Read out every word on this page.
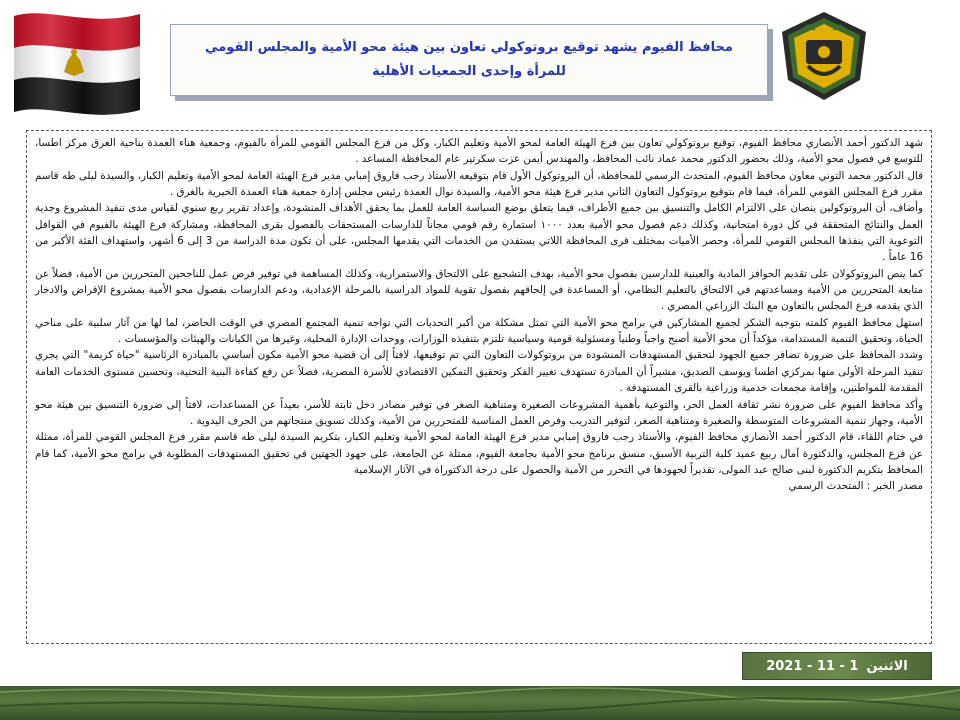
محافظ الفيوم يشهد توقيع بروتوكولي تعاون بين هيئة محو الأمية والمجلس القومي للمرأة وإحدى الجمعيات الأهلية

شهد الدكتور أحمد الأنصاري محافظ الفيوم، توقيع بروتوكولي تعاون بين فرع الهيئة العامة لمحو الأمية وتعليم الكبار، وكل من فرع المجلس القومي للمرأة بالفيوم، وجمعية هناء العمدة بناحية الغرق مركز اطسا، للتوسع في فصول محو الأمية، وذلك بحضور الدكتور محمد عماد نائب المحافظ، والمهندس أيمن عزت سكرتير عام المحافظة المساعد .

قال الدكتور محمد التوني معاون محافظ الفيوم، المتحدث الرسمي للمحافظة، أن البروتوكول الأول قام بتوقيعه الأستاذ رجب فاروق إمبابي مدير فرع الهيئة العامة لمحو الأمية وتعليم الكبار، والسيدة ليلى طه قاسم مقرر فرع المجلس القومي للمرأة، فيما قام بتوقيع بروتوكول التعاون الثاني مدير فرع هيئة محو الأمية، والسيدة نوال العمدة رئيس مجلس إدارة جمعية هناء العمدة الخيرية بالغرق .

وأضاف، أن البروتوكولين ينصان على الالتزام الكامل والتنسيق بين جميع الأطراف، فيما يتعلق بوضع السياسة العامة للعمل بما يحقق الأهداف المنشودة، وإعداد تقرير ربع سنوي لقياس مدى تنفيذ المشروع وجدية العمل والنتائج المتحققة في كل دورة امتحانية، وكذلك دعم فصول محو الأمية بعدد ١٠٠٠ استمارة رقم قومي مجاناً للدارسات المستحقات بالفصول بقرى المحافظة، ومشاركة فرع الهيئة بالفيوم في القوافل التوعوية التي ينفذها المجلس القومي للمرأة، وحصر الأميات بمختلف قرى المحافظة اللاتي يستفدن من الخدمات التي يقدمها المجلس، على أن تكون مدة الدراسة من 3 إلى 6 أشهر، واستهداف الفئة الأكبر من 16 عاماً .

كما ينص البروتوكولان على تقديم الحوافز المادية والعينية للدارسين بفصول محو الأمية، بهدف التشجيع على الالتحاق والاستمرارية، وكذلك المساهمة في توفير فرص عمل للناجحين المتحررين من الأمية، فضلاً عن متابعة المتحررين من الأمية ومساعدتهم في الالتحاق بالتعليم النظامي، أو المساعدة في إلحاقهم بفصول تقوية للمواد الدراسية بالمرحلة الإعدادية، ودعم الدارسات بفصول محو الأمية بمشروع الإقراض والادخار الذي يقدمه فرع المجلس بالتعاون مع البنك الزراعي المصري .

استهل محافظ الفيوم كلمته بتوجيه الشكر لجميع المشاركين في برامج محو الأمية التي تمثل مشكلة من أكبر التحديات التي تواجه تنمية المجتمع المصري في الوقت الحاضر، لما لها من آثار سلبية على مناحي الحياة، وتحقيق التنمية المستدامة، مؤكداً أن محو الأمية أصبح واجباً وطنياً ومسئولية قومية وسياسية تلتزم بتنفيذه الوزارات، ووحدات الإدارة المحلية، وغيرها من الكيانات والهيئات والمؤسسات .

وشدد المحافظ على ضرورة تضافر جميع الجهود لتحقيق المستهدفات المنشودة من بروتوكولات التعاون التي تم توقيعها، لافتاً إلى أن قضية محو الأمية مكون أساسي بالمبادرة الرئاسية "حياة كريمة" التي يجري تنفيذ المرحلة الأولى منها بمركزي اطسا ويوسف الصديق، مشيراً أن المبادرة تستهدف تغيير الفكر وتحقيق التمكين الاقتصادي للأسرة المصرية، فضلاً عن رفع كفاءة البنية التحتية، وتحسين مستوى الخدمات العامة المقدمة للمواطنين، وإقامة مجمعات خدمية وزراعية بالقرى المستهدفة .

وأكد محافظ الفيوم على ضرورة نشر ثقافة العمل الحر، والتوعية بأهمية المشروعات الصغيرة ومتناهية الصغر في توفير مصادر دخل ثابتة للأسر، بعيداً عن المساعدات، لافتاً إلى ضرورة التنسيق بين هيئة محو الأمية، وجهاز تنمية المشروعات المتوسطة والصغيرة ومتناهية الصغر، لتوفير التدريب وفرص العمل المناسبة للمتحررين من الأمية، وكذلك تسويق منتجاتهم من الحرف اليدوية .

في ختام اللقاء، قام الدكتور أحمد الأنصاري محافظ الفيوم، والأستاذ رجب فاروق إمبابي مدير فرع الهيئة العامة لمحو الأمية وتعليم الكبار، بتكريم السيدة ليلى طه قاسم مقرر فرع المجلس القومي للمرأة، ممثلة عن فرع المجلس، والدكتورة آمال ربيع عميد كلية التربية الأسبق، منسق برنامج محو الأمية بجامعة الفيوم، ممثلة عن الجامعة، على جهود الجهتين في تحقيق المستهدفات المطلوبة في برامج محو الأمية، كما قام المحافظ بتكريم الدكتورة لبنى صالح عبد المولى، تقديراً لجهودها في التحرر من الأمية والحصول على درجة الدكتوراة في الآثار الإسلامية

مصدر الخبر : المتحدث الرسمي

الاثنين
2021 - 11 - 1
